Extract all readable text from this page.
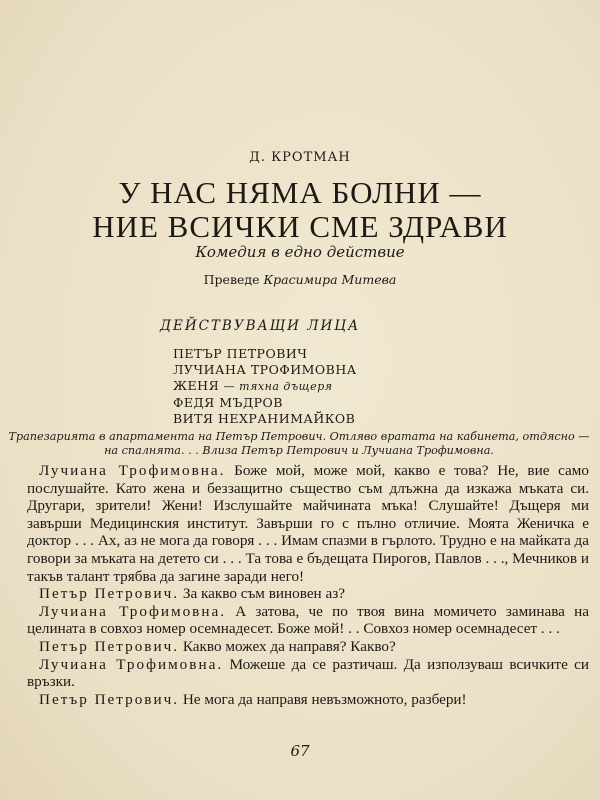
Д. КРОТМАН
У НАС НЯМА БОЛНИ —
НИЕ ВСИЧКИ СМЕ ЗДРАВИ
Комедия в едно действие
Преведе Красимира Митева
ДЕЙСТВУВАЩИ ЛИЦА
ПЕТЪР ПЕТРОВИЧ
ЛУЧИАНА ТРОФИМОВНА
ЖЕНЯ — тяхна дъщеря
ФЕДЯ МЪДРОВ
ВИТЯ НЕХРАНИМАЙКОВ
Трапезарията в апартамента на Петър Петрович. Отляво вратата на кабинета, отдясно — на спалнята. . . Влиза Петър Петрович и Лучиана Трофимовна.

Лучиана Трофимовна. Боже мой, може мой, какво е това? Не, вие само послушайте. Като жена и беззащитно същество съм длъжна да изкажа мъката си. Другари, зрители! Жени! Изслушайте майчината мъка! Слушайте! Дъщеря ми завърши Медицинския институт. Завърши го с пълно отличие. Моята Женичка е доктор . . . Ах, аз не мога да говоря . . . Имам спазми в гърлото. Трудно е на майката да говори за мъката на детето си . . . Та това е бъдещата Пирогов, Павлов . . ., Мечников и такъв талант трябва да загине заради него!

Петър Петрович. За какво съм виновен аз?

Лучиана Трофимовна. А затова, че по твоя вина момичето заминава на целината в совхоз номер осемнадесет. Боже мой! . . Совхоз номер осемнадесет . . .

Петър Петрович. Какво можех да направя? Какво?

Лучиана Трофимовна. Можеше да се разтичаш. Да използуваш всичките си връзки.

Петър Петрович. Не мога да направя невъзможното, разбери!

67
